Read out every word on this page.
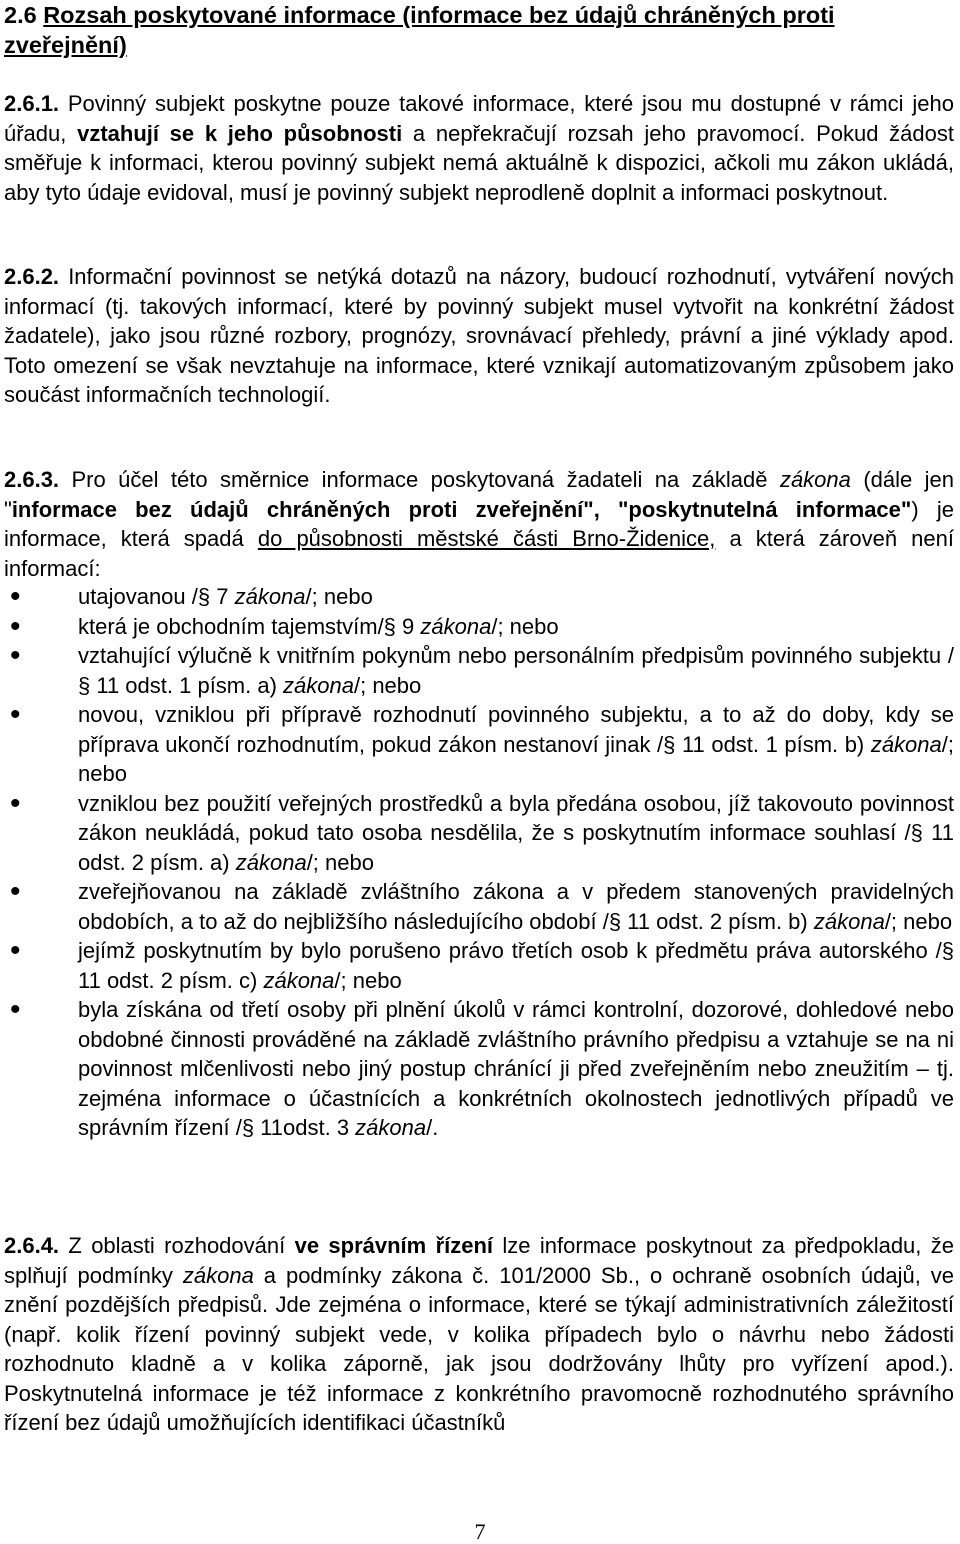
2.6 Rozsah poskytované informace (informace bez údajů chráněných proti zveřejnění)
2.6.1. Povinný subjekt poskytne pouze takové informace, které jsou mu dostupné v rámci jeho úřadu, vztahují se k jeho působnosti a nepřekračují rozsah jeho pravomocí. Pokud žádost směřuje k informaci, kterou povinný subjekt nemá aktuálně k dispozici, ačkoli mu zákon ukládá, aby tyto údaje evidoval, musí je povinný subjekt neprodleně doplnit a informaci poskytnout.
2.6.2. Informační povinnost se netýká dotazů na názory, budoucí rozhodnutí, vytváření nových informací (tj. takových informací, které by povinný subjekt musel vytvořit na konkrétní žádost žadatele), jako jsou různé rozbory, prognózy, srovnávací přehledy, právní a jiné výklady apod. Toto omezení se však nevztahuje na informace, které vznikají automatizovaným způsobem jako součást informačních technologií.
2.6.3. Pro účel této směrnice informace poskytovaná žadateli na základě zákona (dále jen "informace bez údajů chráněných proti zveřejnění", "poskytnutelná informace") je informace, která spadá do působnosti městské části Brno-Židenice, a která zároveň není informací:
• utajovanou /§ 7 zákona/; nebo
• která je obchodním tajemstvím/§ 9 zákona/; nebo
• vztahující výlučně k vnitřním pokynům nebo personálním předpisům povinného subjektu /§ 11 odst. 1 písm. a) zákona/; nebo
• novou, vzniklou při přípravě rozhodnutí povinného subjektu, a to až do doby, kdy se příprava ukončí rozhodnutím, pokud zákon nestanoví jinak /§ 11 odst. 1 písm. b) zákona/; nebo
• vzniklou bez použití veřejných prostředků a byla předána osobou, jíž takovouto povinnost zákon neukládá, pokud tato osoba nesdělila, že s poskytnutím informace souhlasí /§ 11 odst. 2 písm. a) zákona/; nebo
• zveřejňovanou na základě zvláštního zákona a v předem stanovených pravidelných obdobích, a to až do nejbližšího následujícího období /§ 11 odst. 2 písm. b) zákona/; nebo
• jejímž poskytnutím by bylo porušeno právo třetích osob k předmětu práva autorského /§ 11 odst. 2 písm. c) zákona/; nebo
• byla získána od třetí osoby při plnění úkolů v rámci kontrolní, dozorové, dohledové nebo obdobné činnosti prováděné na základě zvláštního právního předpisu a vztahuje se na ni povinnost mlčenlivosti nebo jiný postup chránící ji před zveřejněním nebo zneužitím – tj. zejména informace o účastnících a konkrétních okolnostech jednotlivých případů ve správním řízení /§ 11odst. 3 zákona/.
2.6.4. Z oblasti rozhodování ve správním řízení lze informace poskytnout za předpokladu, že splňují podmínky zákona a podmínky zákona č. 101/2000 Sb., o ochraně osobních údajů, ve znění pozdějších předpisů. Jde zejména o informace, které se týkají administrativních záležitostí (např. kolik řízení povinný subjekt vede, v kolika případech bylo o návrhu nebo žádosti rozhodnuto kladně a v kolika záporně, jak jsou dodržovány lhůty pro vyřízení apod.). Poskytnutelná informace je též informace z konkrétního pravomocně rozhodnutého správního řízení bez údajů umožňujících identifikaci účastníků
7
